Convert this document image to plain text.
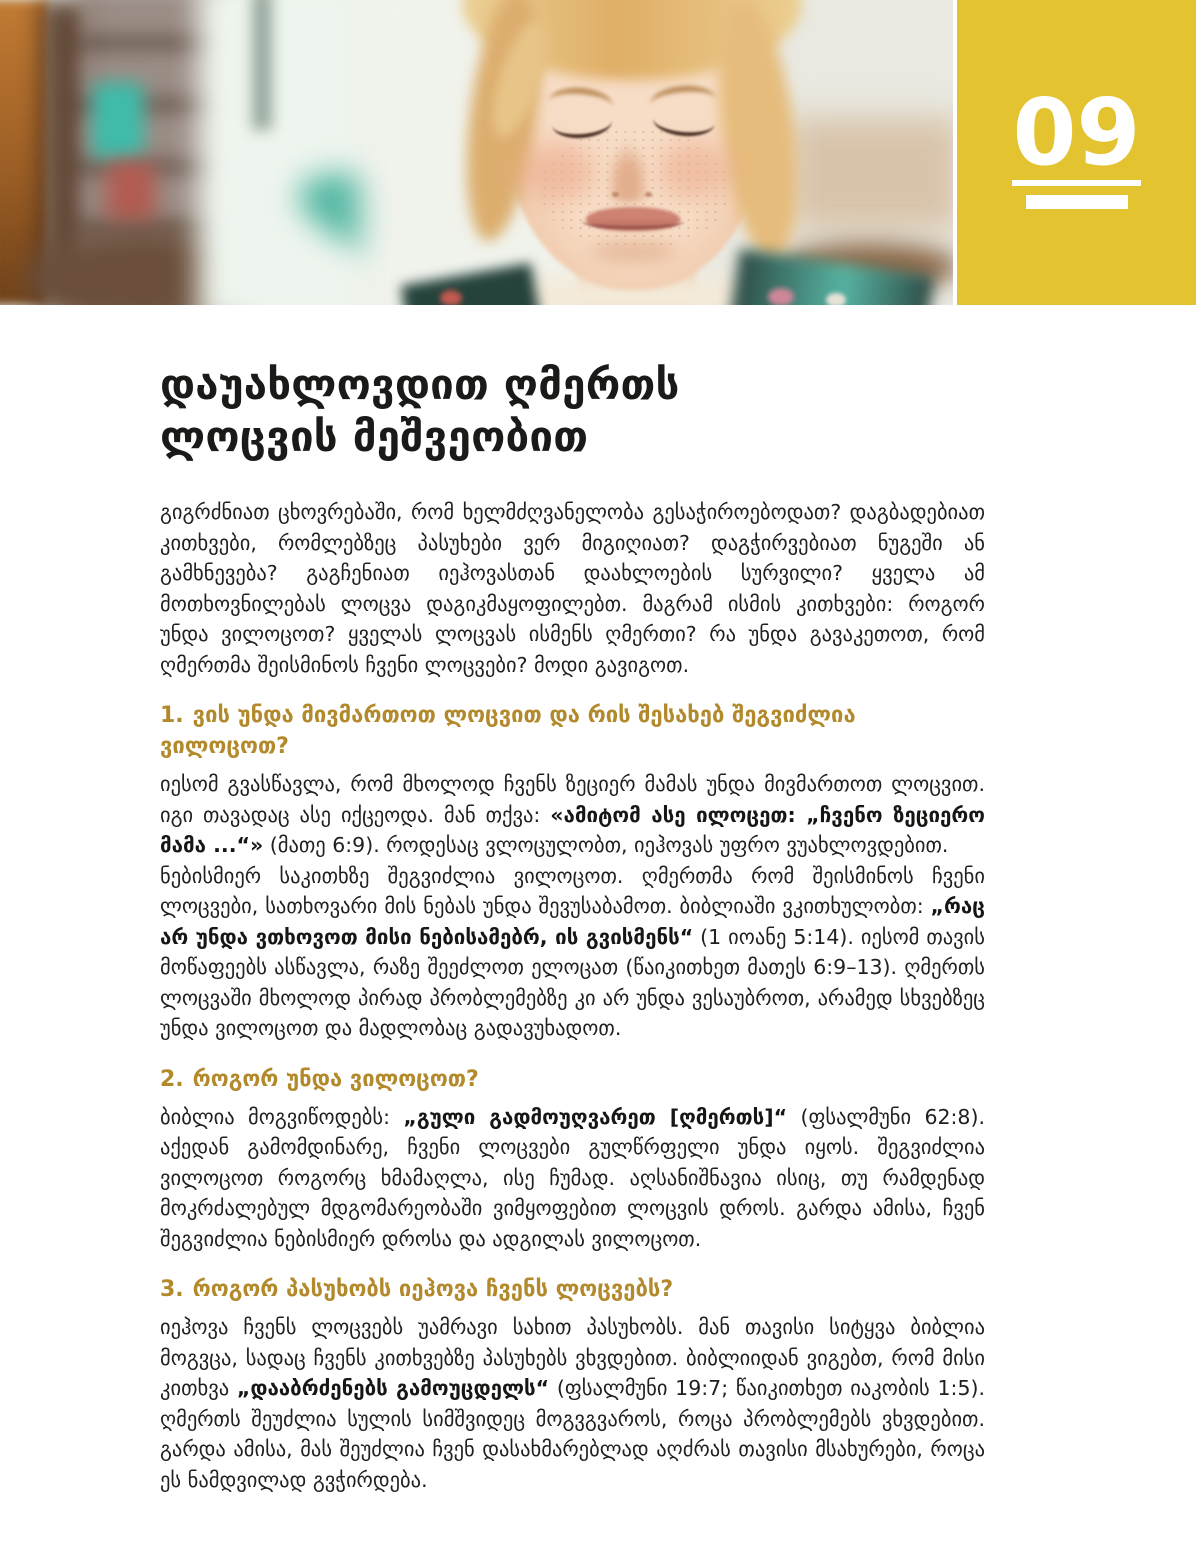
09
დაუახლოვდით ღმერთს
ლოცვის მეშვეობით

გიგრძნიათ ცხოვრებაში, რომ ხელმძღვანელობა გესაჭიროებოდათ? დაგბადებიათ კითხვები, რომლებზეც პასუხები ვერ მიგიღიათ? დაგჭირვებიათ ნუგეში ან გამხნევება? გაგჩენიათ იეჰოვასთან დაახლოების სურვილი? ყველა ამ მოთხოვნილებას ლოცვა დაგიკმაყოფილებთ. მაგრამ ისმის კითხვები: როგორ უნდა ვილოცოთ? ყველას ლოცვას ისმენს ღმერთი? რა უნდა გავაკეთოთ, რომ ღმერთმა შეისმინოს ჩვენი ლოცვები? მოდი გავიგოთ.

1. ვის უნდა მივმართოთ ლოცვით და რის შესახებ შეგვიძლია ვილოცოთ?

იესომ გვასწავლა, რომ მხოლოდ ჩვენს ზეციერ მამას უნდა მივმართოთ ლოცვით. იგი თავადაც ასე იქცეოდა. მან თქვა: «ამიტომ ასე ილოცეთ: „ჩვენო ზეციერო მამა ...“» (მათე 6:9). როდესაც ვლოცულობთ, იეჰოვას უფრო ვუახლოვდებით.

ნებისმიერ საკითხზე შეგვიძლია ვილოცოთ. ღმერთმა რომ შეისმინოს ჩვენი ლოცვები, სათხოვარი მის ნებას უნდა შევუსაბამოთ. ბიბლიაში ვკითხულობთ: „რაც არ უნდა ვთხოვოთ მისი ნებისამებრ, ის გვისმენს“ (1 იოანე 5:14). იესომ თავის მოწაფეებს ასწავლა, რაზე შეეძლოთ ელოცათ (წაიკითხეთ მათეს 6:9–13). ღმერთს ლოცვაში მხოლოდ პირად პრობლემებზე კი არ უნდა ვესაუბროთ, არამედ სხვებზეც უნდა ვილოცოთ და მადლობაც გადავუხადოთ.

2. როგორ უნდა ვილოცოთ?

ბიბლია მოგვიწოდებს: „გული გადმოუღვარეთ [ღმერთს]“ (ფსალმუნი 62:8). აქედან გამომდინარე, ჩვენი ლოცვები გულწრფელი უნდა იყოს. შეგვიძლია ვილოცოთ როგორც ხმამაღლა, ისე ჩუმად. აღსანიშნავია ისიც, თუ რამდენად მოკრძალებულ მდგომარეობაში ვიმყოფებით ლოცვის დროს. გარდა ამისა, ჩვენ შეგვიძლია ნებისმიერ დროსა და ადგილას ვილოცოთ.

3. როგორ პასუხობს იეჰოვა ჩვენს ლოცვებს?

იეჰოვა ჩვენს ლოცვებს უამრავი სახით პასუხობს. მან თავისი სიტყვა ბიბლია მოგვცა, სადაც ჩვენს კითხვებზე პასუხებს ვხვდებით. ბიბლიიდან ვიგებთ, რომ მისი კითხვა „დააბრძენებს გამოუცდელს“ (ფსალმუნი 19:7; წაიკითხეთ იაკობის 1:5). ღმერთს შეუძლია სულის სიმშვიდეც მოგვგვაროს, როცა პრობლემებს ვხვდებით. გარდა ამისა, მას შეუძლია ჩვენ დასახმარებლად აღძრას თავისი მსახურები, როცა ეს ნამდვილად გვჭირდება.
